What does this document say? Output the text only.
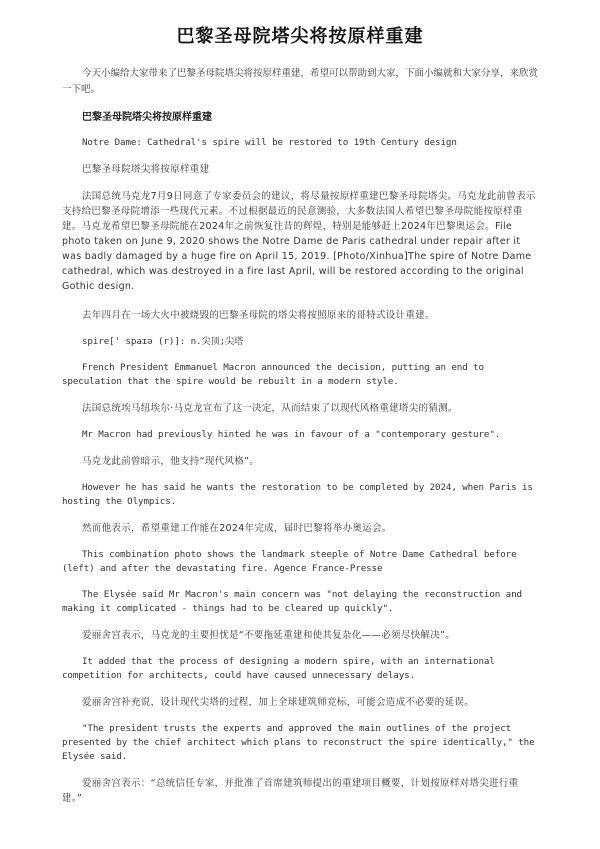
巴黎圣母院塔尖将按原样重建

今天小编给大家带来了巴黎圣母院塔尖将按原样重建，希望可以帮助到大家，下面小编就和大家分享，来欣赏一下吧。

巴黎圣母院塔尖将按原样重建

Notre Dame: Cathedral's spire will be restored to 19th Century design

巴黎圣母院塔尖将按原样重建

法国总统马克龙7月9日同意了专家委员会的建议，将尽量按原样重建巴黎圣母院塔尖。马克龙此前曾表示支持给巴黎圣母院增添一些现代元素。不过根据最近的民意测验，大多数法国人希望巴黎圣母院能按原样重建。马克龙希望巴黎圣母院能在2024年之前恢复往昔的辉煌，特别是能够赶上2024年巴黎奥运会。File photo taken on June 9, 2020 shows the Notre Dame de Paris cathedral under repair after it was badly damaged by a huge fire on April 15, 2019. [Photo/Xinhua]The spire of Notre Dame cathedral, which was destroyed in a fire last April, will be restored according to the original Gothic design.

去年四月在一场大火中被烧毁的巴黎圣母院的塔尖将按照原来的哥特式设计重建。

spire[' spaɪə (r)]: n.尖顶;尖塔

French President Emmanuel Macron announced the decision, putting an end to speculation that the spire would be rebuilt in a modern style.

法国总统埃马纽埃尔·马克龙宣布了这一决定，从而结束了以现代风格重建塔尖的猜测。

Mr Macron had previously hinted he was in favour of a "contemporary gesture".

马克龙此前曾暗示，他支持“现代风格”。

However he has said he wants the restoration to be completed by 2024, when Paris is hosting the Olympics.

然而他表示，希望重建工作能在2024年完成，届时巴黎将举办奥运会。

This combination photo shows the landmark steeple of Notre Dame Cathedral before (left) and after the devastating fire. Agence France-Presse

The Elysée said Mr Macron's main concern was "not delaying the reconstruction and making it complicated - things had to be cleared up quickly".

爱丽舍宫表示，马克龙的主要担忧是“不要拖延重建和使其复杂化——必须尽快解决”。

It added that the process of designing a modern spire, with an international competition for architects, could have caused unnecessary delays.

爱丽舍宫补充说，设计现代尖塔的过程，加上全球建筑师竞标，可能会造成不必要的延误。

"The president trusts the experts and approved the main outlines of the project presented by the chief architect which plans to reconstruct the spire identically," the Elysée said.

爱丽舍宫表示：“总统信任专家，并批准了首席建筑师提出的重建项目概要，计划按原样对塔尖进行重建。”
